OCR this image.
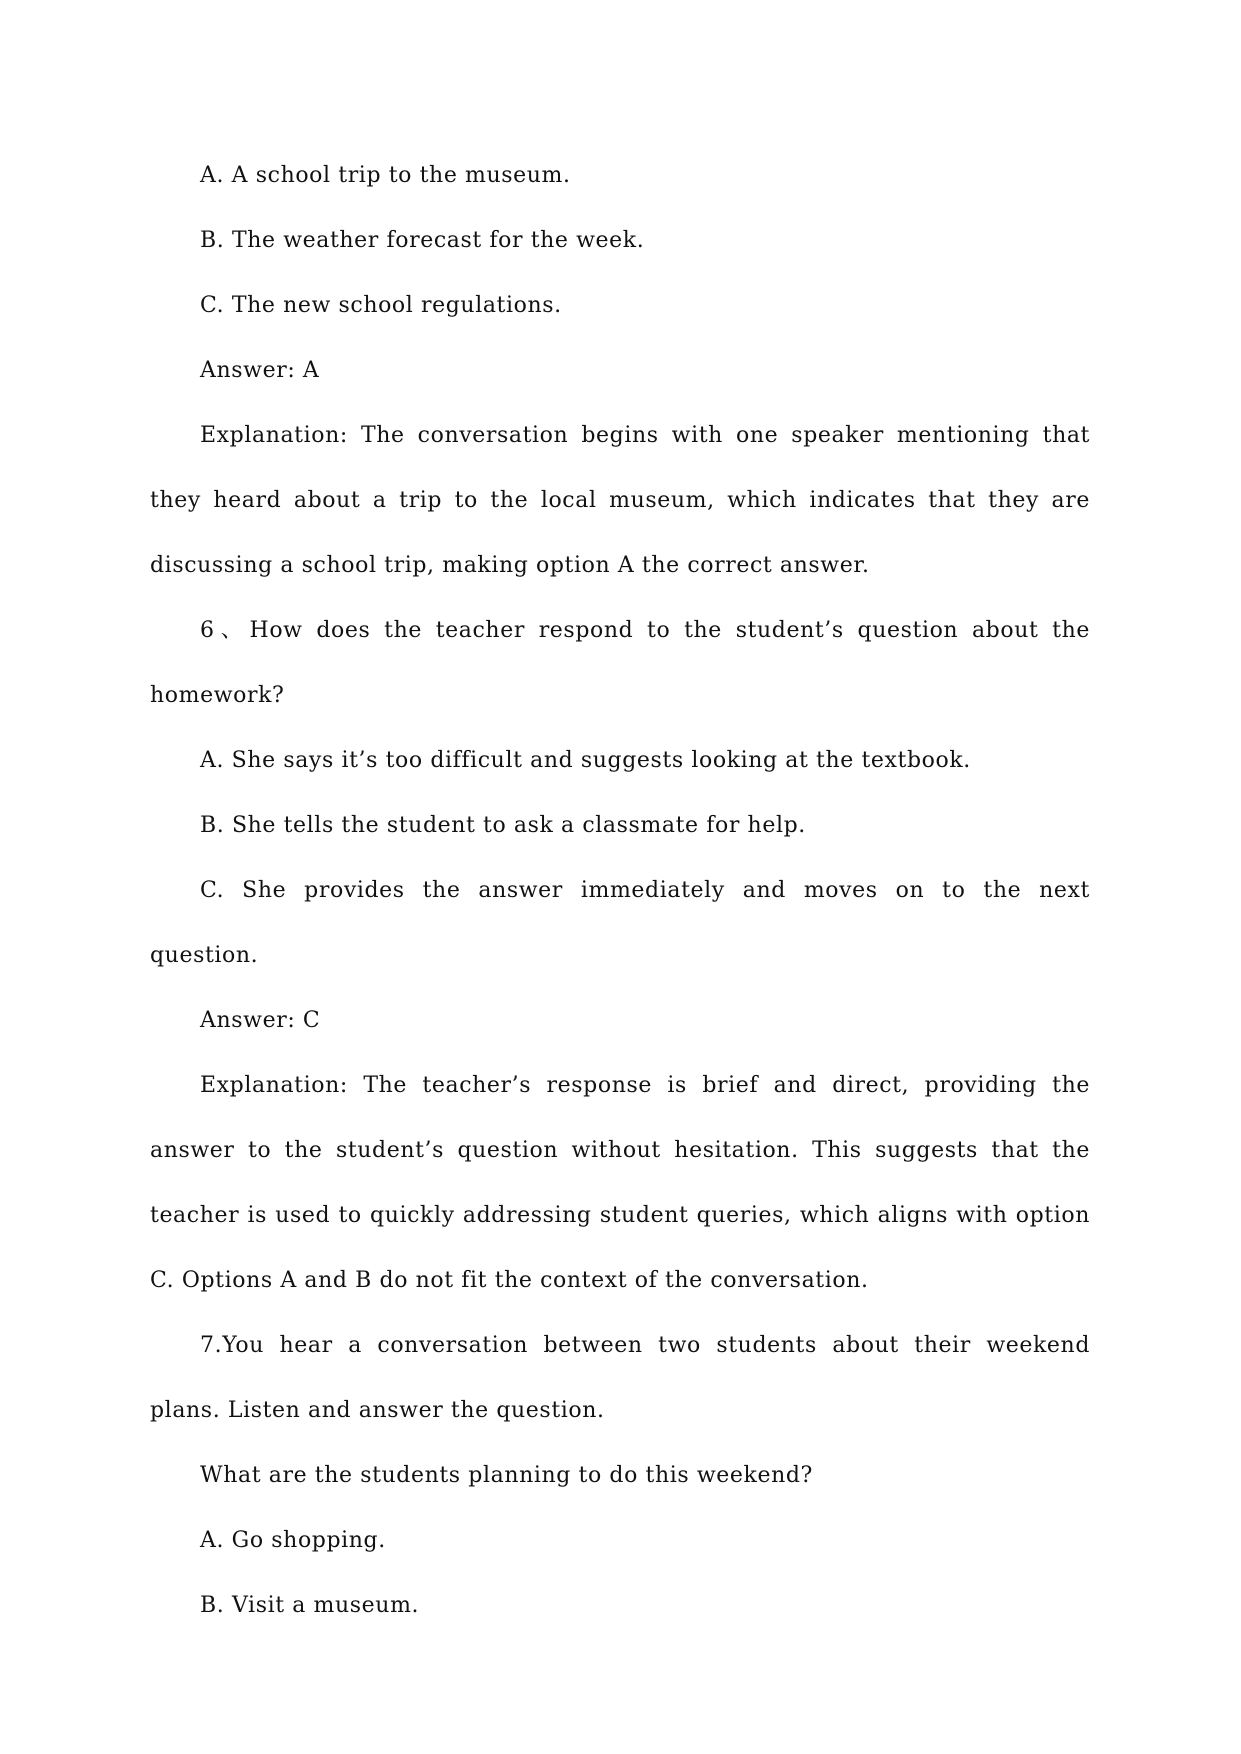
A. A school trip to the museum.

B. The weather forecast for the week.

C. The new school regulations.

Answer: A

Explanation: The conversation begins with one speaker mentioning that they heard about a trip to the local museum, which indicates that they are discussing a school trip, making option A the correct answer.

6、How does the teacher respond to the student’s question about the homework?

A. She says it’s too difficult and suggests looking at the textbook.

B. She tells the student to ask a classmate for help.

C. She provides the answer immediately and moves on to the next question.

Answer: C

Explanation: The teacher’s response is brief and direct, providing the answer to the student’s question without hesitation. This suggests that the teacher is used to quickly addressing student queries, which aligns with option C. Options A and B do not fit the context of the conversation.

7.You hear a conversation between two students about their weekend plans. Listen and answer the question.

What are the students planning to do this weekend?

A. Go shopping.

B. Visit a museum.
